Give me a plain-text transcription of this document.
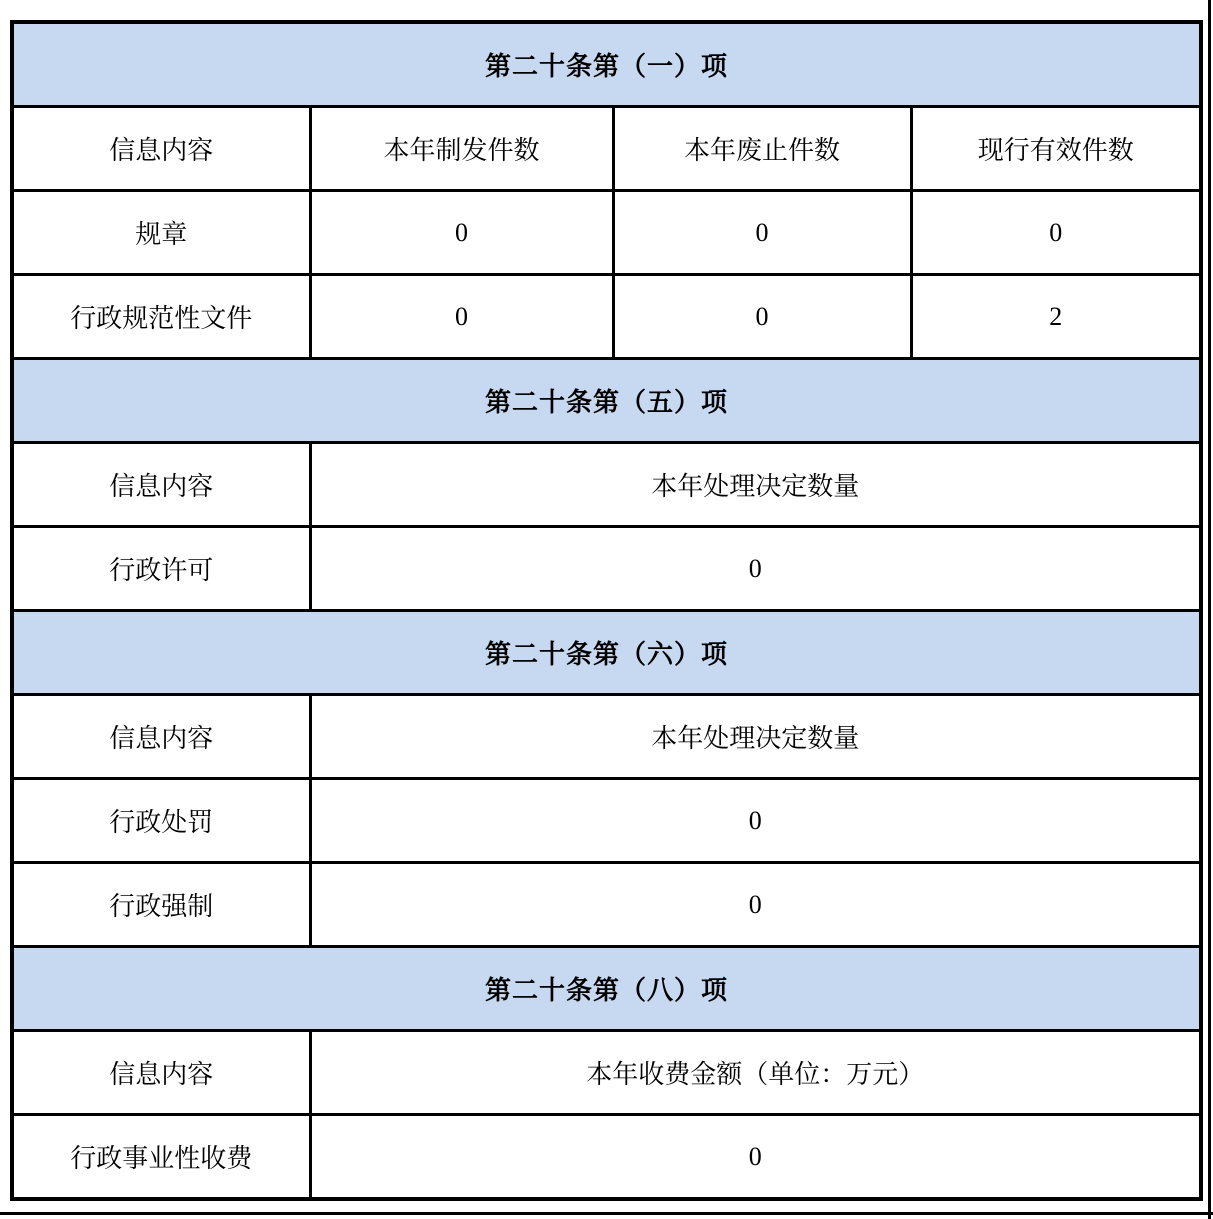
第二十条第（一）项			
信息内容	本年制发件数	本年废止件数	现行有效件数
规章	0	0	0
行政规范性文件	0	0	2
第二十条第（五）项			
信息内容	本年处理决定数量		
行政许可	0		
第二十条第（六）项			
信息内容	本年处理决定数量		
行政处罚	0		
行政强制	0		
第二十条第（八）项			
信息内容	本年收费金额（单位：万元）		
行政事业性收费	0		
